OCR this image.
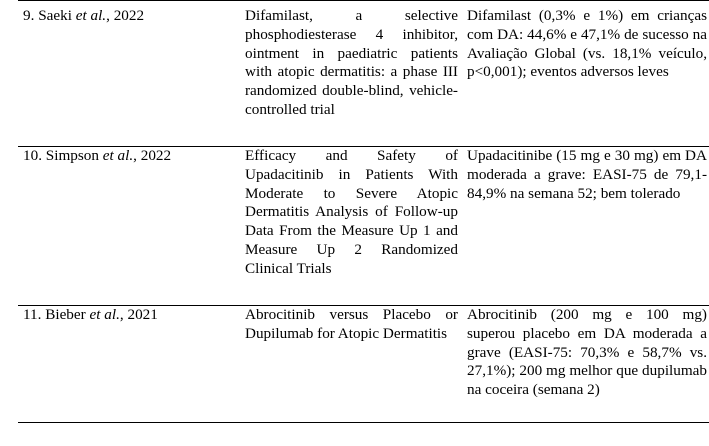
9. Saeki et al., 2022	Difamilast, a selective phosphodiesterase 4 inhibitor, ointment in paediatric patients with atopic dermatitis: a phase III randomized double-blind, vehicle-controlled trial	Difamilast (0,3% e 1%) em crianças com DA: 44,6% e 47,1% de sucesso na Avaliação Global (vs. 18,1% veículo, p<0,001); eventos adversos leves
10. Simpson et al., 2022	Efficacy and Safety of Upadacitinib in Patients With Moderate to Severe Atopic Dermatitis Analysis of Follow-up Data From the Measure Up 1 and Measure Up 2 Randomized Clinical Trials	Upadacitinibe (15 mg e 30 mg) em DA moderada a grave: EASI-75 de 79,1-84,9% na semana 52; bem tolerado
11. Bieber et al., 2021	Abrocitinib versus Placebo or Dupilumab for Atopic Dermatitis	Abrocitinib (200 mg e 100 mg) superou placebo em DA moderada a grave (EASI-75: 70,3% e 58,7% vs. 27,1%); 200 mg melhor que dupilumab na coceira (semana 2)
